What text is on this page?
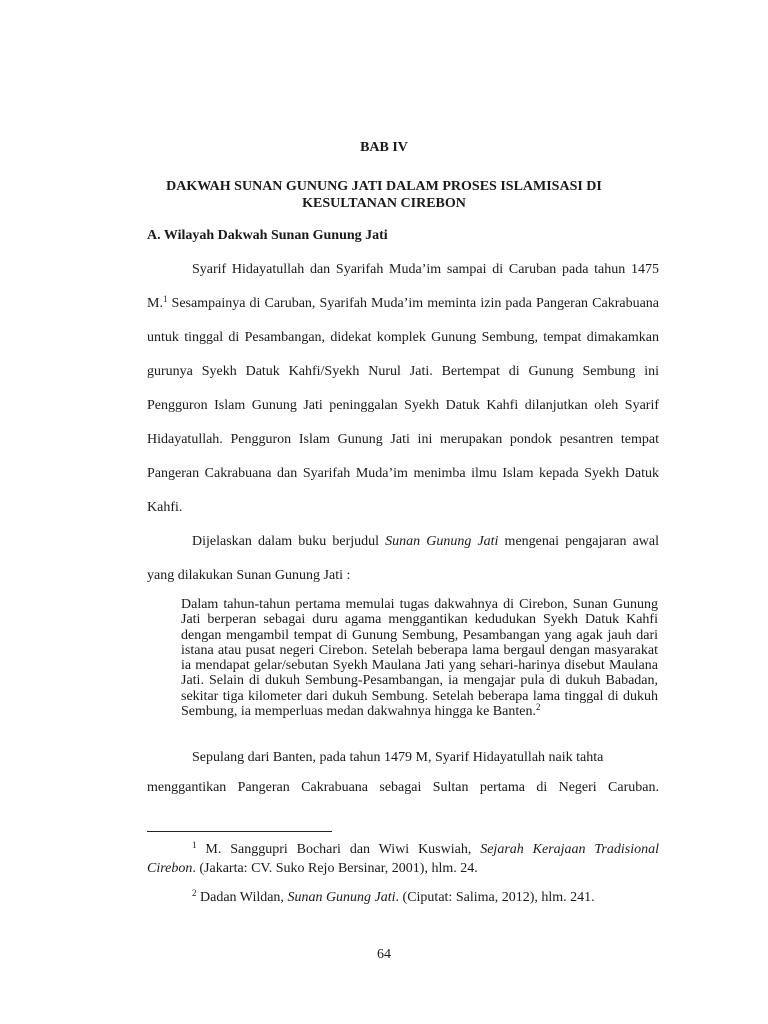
BAB IV
DAKWAH SUNAN GUNUNG JATI DALAM PROSES ISLAMISASI DI
KESULTANAN CIREBON
A. Wilayah Dakwah Sunan Gunung Jati

Syarif Hidayatullah dan Syarifah Muda’im sampai di Caruban pada tahun 1475 M.$^1$ Sesampainya di Caruban, Syarifah Muda’im meminta izin pada Pangeran Cakrabuana untuk tinggal di Pesambangan, didekat komplek Gunung Sembung, tempat dimakamkan gurunya Syekh Datuk Kahfi/Syekh Nurul Jati. Bertempat di Gunung Sembung ini Pengguron Islam Gunung Jati peninggalan Syekh Datuk Kahfi dilanjutkan oleh Syarif Hidayatullah. Pengguron Islam Gunung Jati ini merupakan pondok pesantren tempat Pangeran Cakrabuana dan Syarifah Muda’im menimba ilmu Islam kepada Syekh Datuk Kahfi.

Dijelaskan dalam buku berjudul Sunan Gunung Jati mengenai pengajaran awal yang dilakukan Sunan Gunung Jati :

Dalam tahun-tahun pertama memulai tugas dakwahnya di Cirebon, Sunan Gunung Jati berperan sebagai duru agama menggantikan kedudukan Syekh Datuk Kahfi dengan mengambil tempat di Gunung Sembung, Pesambangan yang agak jauh dari istana atau pusat negeri Cirebon. Setelah beberapa lama bergaul dengan masyarakat ia mendapat gelar/sebutan Syekh Maulana Jati yang sehari-harinya disebut Maulana Jati. Selain di dukuh Sembung-Pesambangan, ia mengajar pula di dukuh Babadan, sekitar tiga kilometer dari dukuh Sembung. Setelah beberapa lama tinggal di dukuh Sembung, ia memperluas medan dakwahnya hingga ke Banten.$^2$

Sepulang dari Banten, pada tahun 1479 M, Syarif Hidayatullah naik tahta
menggantikan Pangeran Cakrabuana sebagai Sultan pertama di Negeri Caruban.

$^1$ M. Sanggupri Bochari dan Wiwi Kuswiah, Sejarah Kerajaan Tradisional Cirebon. (Jakarta: CV. Suko Rejo Bersinar, 2001), hlm. 24.

$^2$ Dadan Wildan, Sunan Gunung Jati. (Ciputat: Salima, 2012), hlm. 241.

64
